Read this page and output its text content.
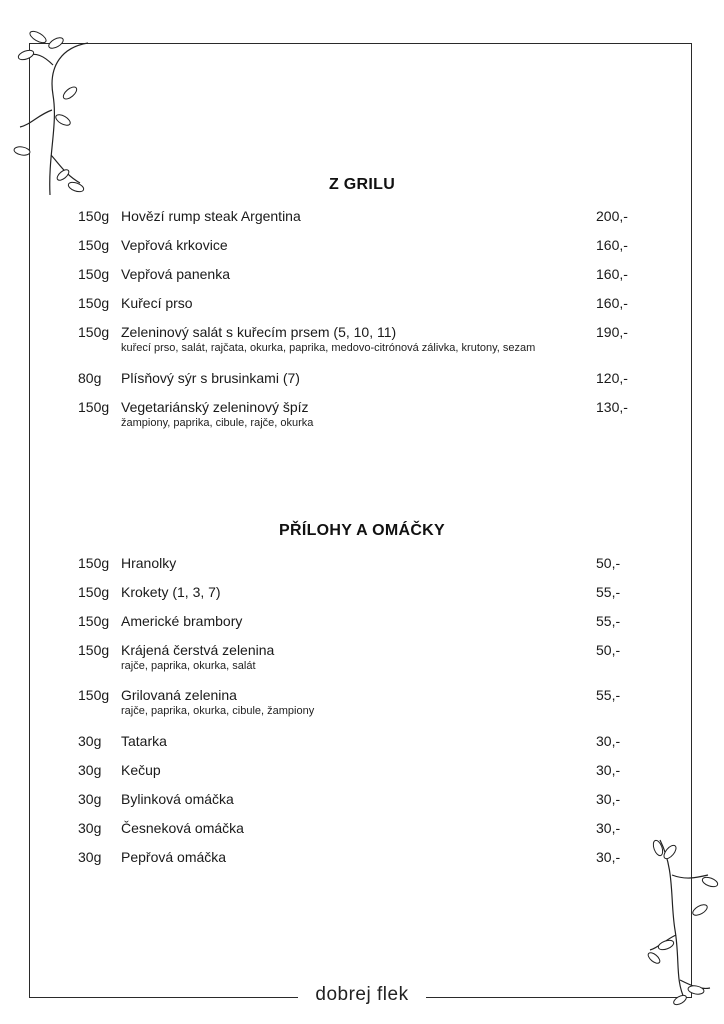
Z GRILU
150g Hovězí rump steak Argentina	200,-
150g Vepřová krkovice	160,-
150g Vepřová panenka	160,-
150g Kuřecí prso	160,-
150g Zeleninový salát s kuřecím prsem (5, 10, 11)	190,-
kuřecí prso, salát, rajčata, okurka, paprika, medovo-citrónová zálivka, krutony, sezam
80g Plísňový sýr s brusinkami (7)	120,-
150g Vegetariánský zeleninový špíz	130,-
žampiony, paprika, cibule, rajče, okurka
PŘÍLOHY A OMÁČKY
150g Hranolky	50,-
150g Krokety (1, 3, 7)	55,-
150g Americké brambory	55,-
150g Krájená čerstvá zelenina	50,-
rajče, paprika, okurka, salát
150g Grilovaná zelenina	55,-
rajče, paprika, okurka, cibule, žampiony
30g Tatarka	30,-
30g Kečup	30,-
30g Bylinková omáčka	30,-
30g Česneková omáčka	30,-
30g Pepřová omáčka	30,-
dobrej flek
